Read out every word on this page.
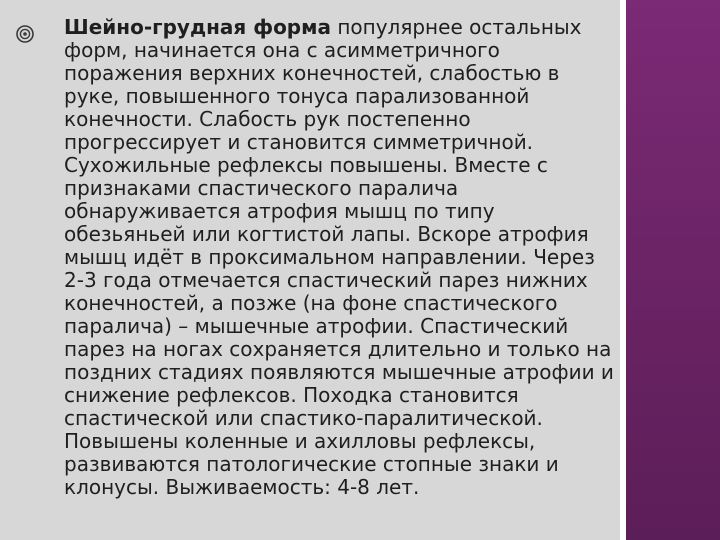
Шейно-грудная форма популярнее остальных форм, начинается она с асимметричного поражения верхних конечностей, слабостью в руке, повышенного тонуса парализованной конечности. Слабость рук постепенно прогрессирует и становится симметричной. Сухожильные рефлексы повышены. Вместе с признаками спастического паралича обнаруживается атрофия мышц по типу обезьяньей или когтистой лапы. Вскоре атрофия мышц идёт в проксимальном направлении. Через 2-3 года отмечается спастический парез нижних конечностей, а позже (на фоне спастического паралича) – мышечные атрофии. Спастический парез на ногах сохраняется длительно и только на поздних стадиях появляются мышечные атрофии и снижение рефлексов. Походка становится спастической или спастико-паралитической. Повышены коленные и ахилловы рефлексы, развиваются патологические стопные знаки и клонусы. Выживаемость: 4-8 лет.
